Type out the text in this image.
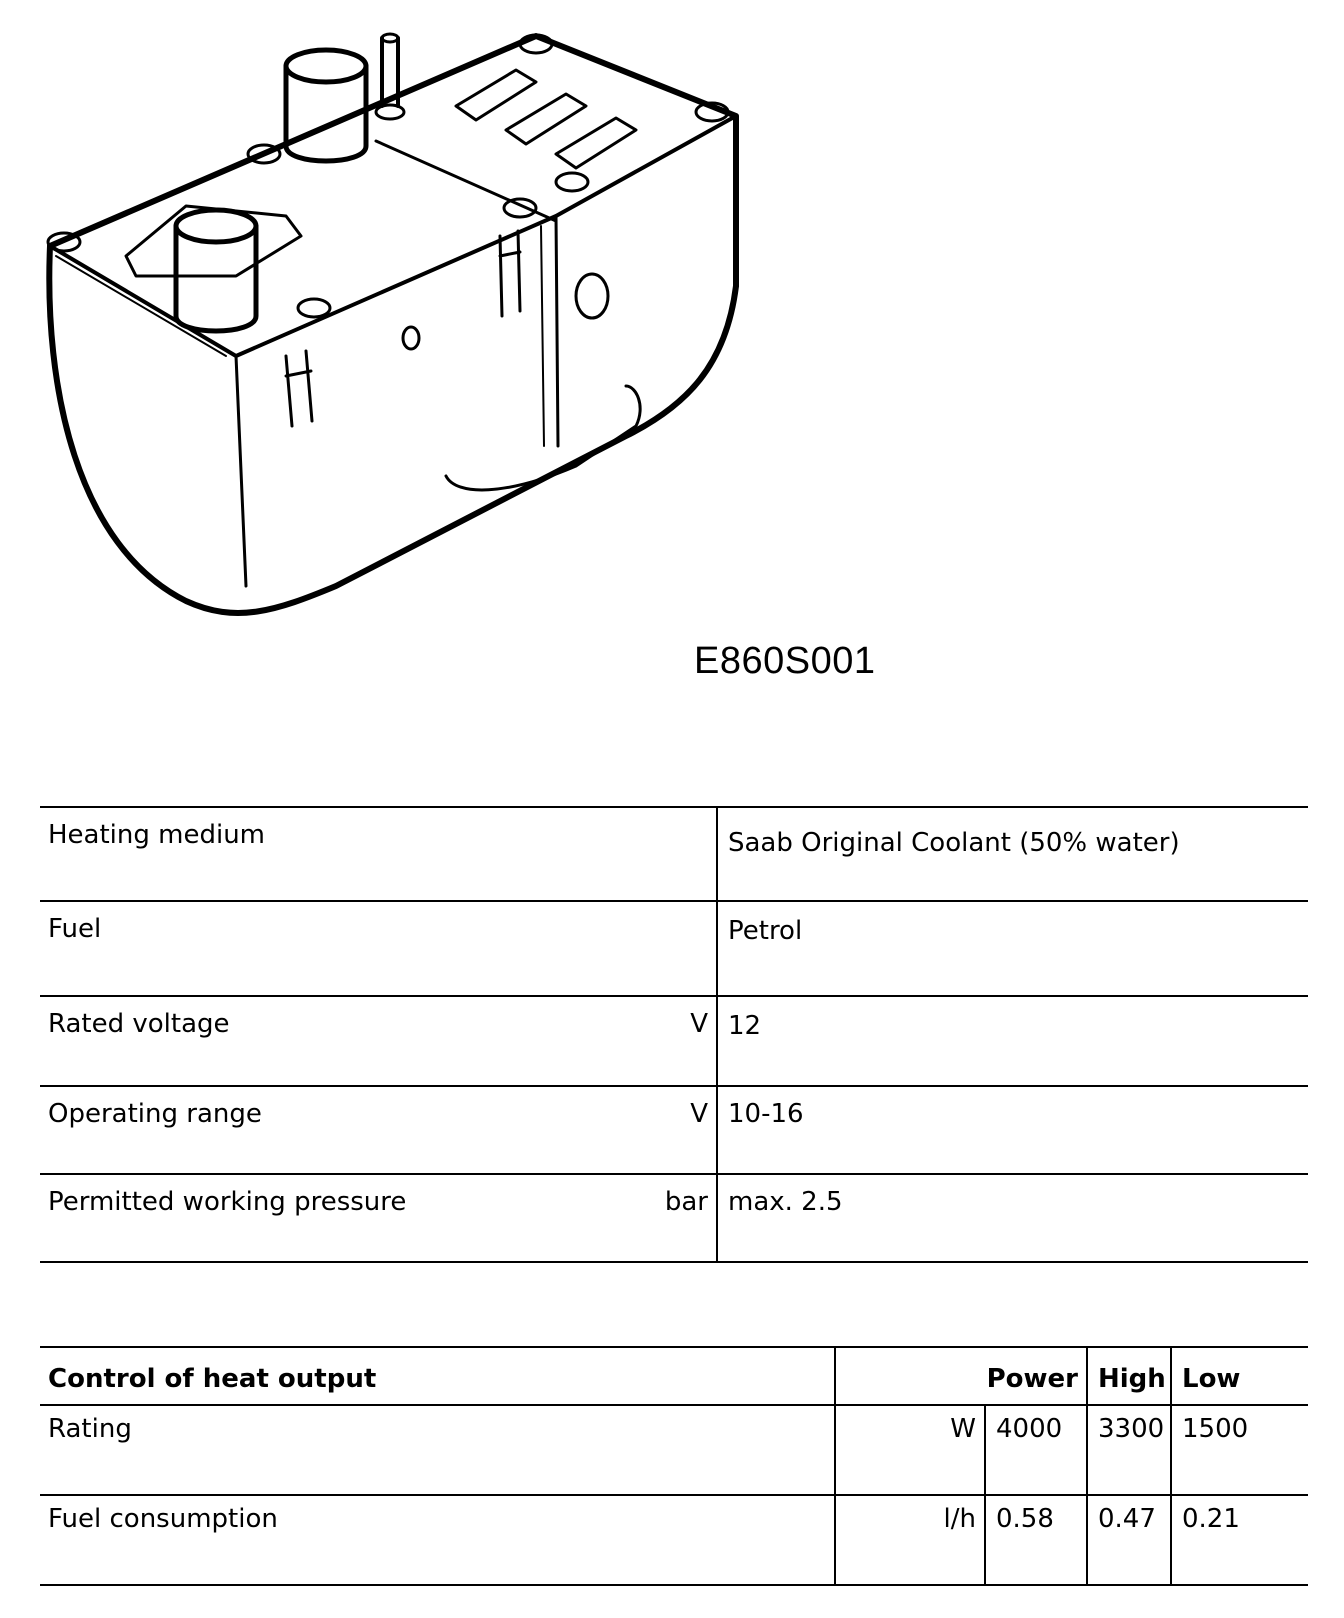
E860S001
Heating medium		Saab Original Coolant (50% water)
Fuel		Petrol
Rated voltage	V	12
Operating range	V	10-16
Permitted working pressure	bar	max. 2.5
Control of heat output	Power		High	Low
Rating	W	4000	3300	1500
Fuel consumption	l/h	0.58	0.47	0.21
